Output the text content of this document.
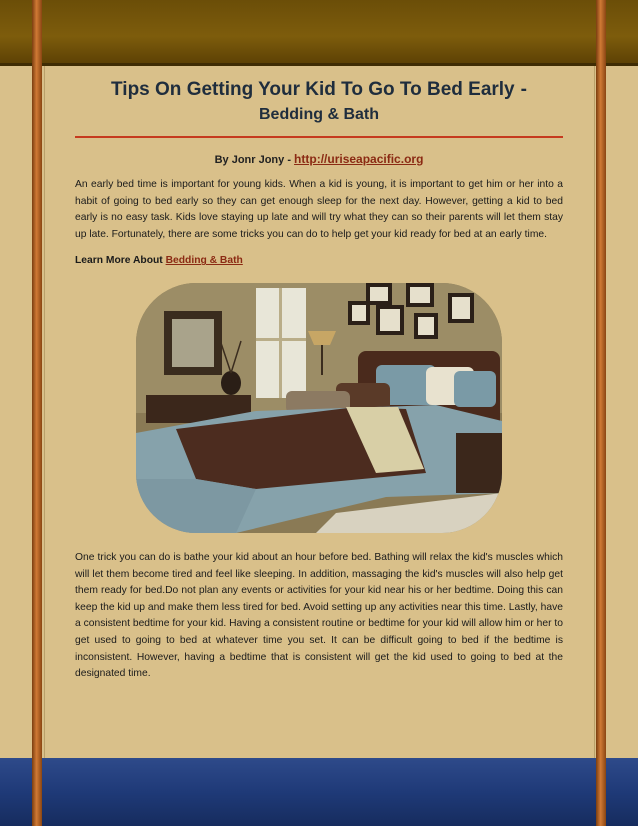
Tips On Getting Your Kid To Go To Bed Early -
Bedding & Bath
By Jonr Jony - http://uriseapacific.org

An early bed time is important for young kids. When a kid is young, it is important to get him or her into a habit of going to bed early so they can get enough sleep for the next day. However, getting a kid to bed early is no easy task. Kids love staying up late and will try what they can so their parents will let them stay up late. Fortunately, there are some tricks you can do to help get your kid ready for bed at an early time.

Learn More About Bedding & Bath

One trick you can do is bathe your kid about an hour before bed. Bathing will relax the kid's muscles which will let them become tired and feel like sleeping. In addition, massaging the kid's muscles will also help get them ready for bed.Do not plan any events or activities for your kid near his or her bedtime. Doing this can keep the kid up and make them less tired for bed. Avoid setting up any activities near this time. Lastly, have a consistent bedtime for your kid. Having a consistent routine or bedtime for your kid will allow him or her to get used to going to bed at whatever time you set. It can be difficult going to bed if the bedtime is inconsistent. However, having a bedtime that is consistent will get the kid used to going to bed at the designated time.
